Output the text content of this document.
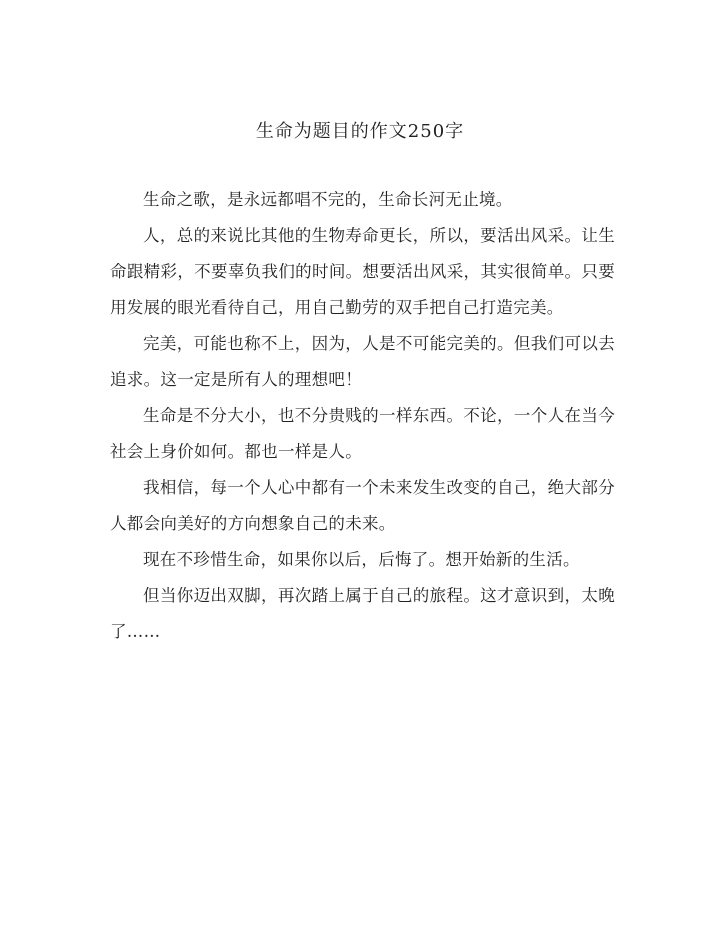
生命为题目的作文250字

生命之歌，是永远都唱不完的，生命长河无止境。

人，总的来说比其他的生物寿命更长，所以，要活出风采。让生命跟精彩，不要辜负我们的时间。想要活出风采，其实很简单。只要用发展的眼光看待自己，用自己勤劳的双手把自己打造完美。

完美，可能也称不上，因为，人是不可能完美的。但我们可以去追求。这一定是所有人的理想吧！

生命是不分大小，也不分贵贱的一样东西。不论，一个人在当今社会上身价如何。都也一样是人。

我相信，每一个人心中都有一个未来发生改变的自己，绝大部分人都会向美好的方向想象自己的未来。

现在不珍惜生命，如果你以后，后悔了。想开始新的生活。

但当你迈出双脚，再次踏上属于自己的旅程。这才意识到，太晚了……
